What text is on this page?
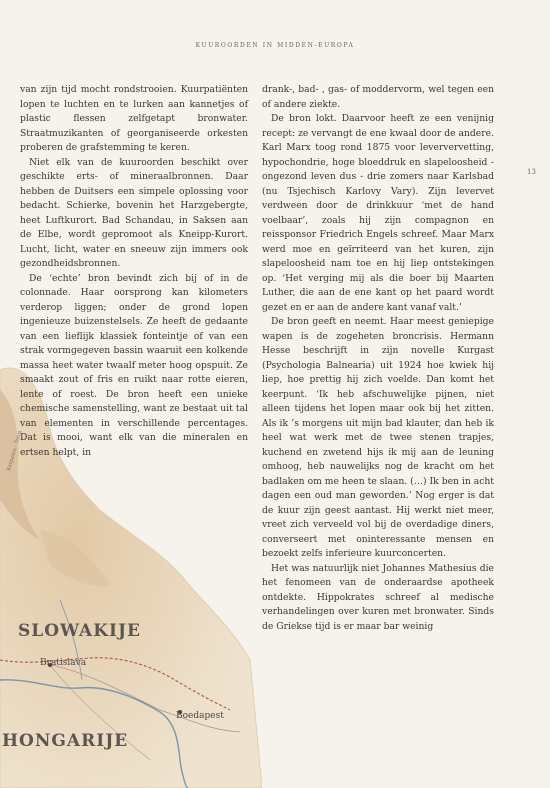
KUUROORDEN IN MIDDEN-EUROPA
13
SLOWAKIJE
HONGARIJE
Bratislava
Boedapest
Karpaten · Tatra

van zijn tijd mocht rondstrooien. Kuurpatiënten lopen te luchten en te lurken aan kannetjes of plastic flessen zelfgetapt bronwater. Straatmuzikanten of georganiseerde orkesten proberen de grafstemming te keren.

Niet elk van de kuuroorden beschikt over geschikte erts- of mineraalbronnen. Daar hebben de Duitsers een simpele oplossing voor bedacht. Schierke, bovenin het Harzgebergte, heet Luftkurort. Bad Schandau, in Saksen aan de Elbe, wordt gepromoot als Kneipp-Kurort. Lucht, licht, water en sneeuw zijn immers ook gezondheidsbronnen.

De ‘echte’ bron bevindt zich bij of in de colonnade. Haar oorsprong kan kilometers verderop liggen; onder de grond lopen ingenieuze buizenstelsels. Ze heeft de gedaante van een lieflijk klassiek fonteintje of van een strak vormgegeven bassin waaruit een kolkende massa heet water twaalf meter hoog opspuit. Ze smaakt zout of fris en ruikt naar rotte eieren, lente of roest. De bron heeft een unieke chemische samenstelling, want ze bestaat uit tal van elementen in verschillende percentages. Dat is mooi, want elk van die mineralen en ertsen helpt, in

drank-, bad- , gas- of moddervorm, wel tegen een of andere ziekte.

De bron lokt. Daarvoor heeft ze een venijnig recept: ze vervangt de ene kwaal door de andere. Karl Marx toog rond 1875 voor leververvetting, hypochondrie, hoge bloeddruk en slapeloosheid - ongezond leven dus - drie zomers naar Karlsbad (nu Tsjechisch Karlovy Vary). Zijn levervet verdween door de drinkkuur ‘met de hand voelbaar’, zoals hij zijn compagnon en reissponsor Friedrich Engels schreef. Maar Marx werd moe en geïrriteerd van het kuren, zijn slapeloosheid nam toe en hij liep ontstekingen op. ‘Het verging mij als die boer bij Maarten Luther, die aan de ene kant op het paard wordt gezet en er aan de andere kant vanaf valt.’

De bron geeft en neemt. Haar meest geniepige wapen is de zogeheten broncrisis. Hermann Hesse beschrijft in zijn novelle Kurgast (Psychologia Balnearia) uit 1924 hoe kwiek hij liep, hoe prettig hij zich voelde. Dan komt het keerpunt. ‘Ik heb afschuwelijke pijnen, niet alleen tijdens het lopen maar ook bij het zitten. Als ik ’s morgens uit mijn bad klauter, dan heb ik heel wat werk met de twee stenen trapjes, kuchend en zwetend hijs ik mij aan de leuning omhoog, heb nauwelijks nog de kracht om het badlaken om me heen te slaan. (…) Ik ben in acht dagen een oud man geworden.’ Nog erger is dat de kuur zijn geest aantast. Hij werkt niet meer, vreet zich verveeld vol bij de overdadige diners, converseert met oninteressante mensen en bezoekt zelfs inferieure kuurconcerten.

Het was natuurlijk niet Johannes Mathesius die het fenomeen van de onderaardse apotheek ontdekte. Hippokrates schreef al medische verhandelingen over kuren met bronwater. Sinds de Griekse tijd is er maar bar weinig
